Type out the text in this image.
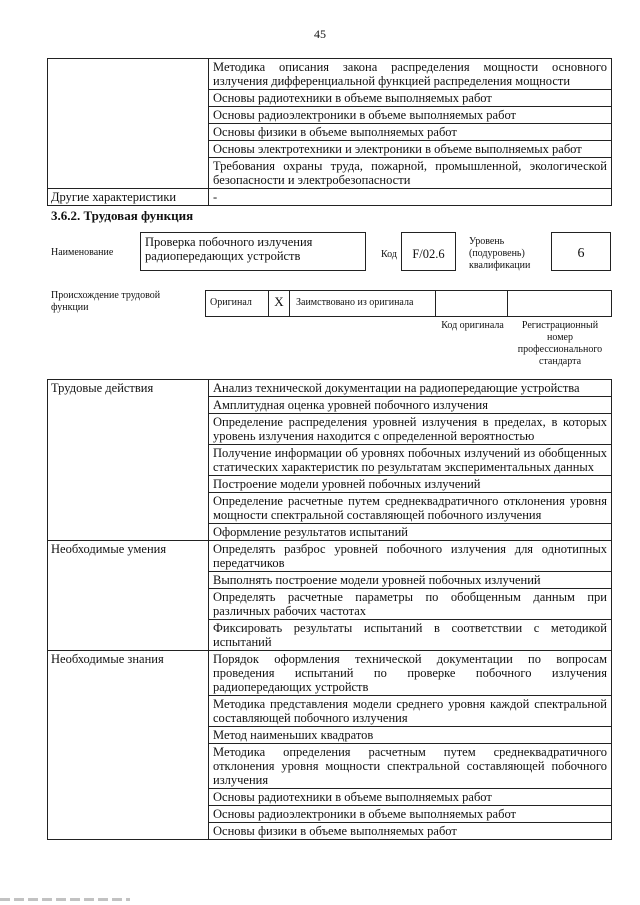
45
	Методика описания закона распределения мощности основного излучения дифференциальной функцией распределения мощности
	Основы радиотехники в объеме выполняемых работ
	Основы радиоэлектроники в объеме выполняемых работ
	Основы физики в объеме выполняемых работ
	Основы электротехники и электроники в объеме выполняемых работ
	Требования охраны труда, пожарной, промышленной, экологической безопасности и электробезопасности
Другие характеристики	-
3.6.2. Трудовая функция
Наименование
Проверка побочного излучения радиопередающих устройств	Код	F/02.6
Уровень (подуровень) квалификации
6
Происхождение трудовой функции	Оригинал	X	Заимствовано из оригинала
Код оригинала	Регистрационный номер профессионального стандарта
Трудовые действия	Анализ технической документации на радиопередающие устройства
	Амплитудная оценка уровней побочного излучения
	Определение распределения уровней излучения в пределах, в которых уровень излучения находится с определенной вероятностью
	Получение информации об уровнях побочных излучений из обобщенных статических характеристик по результатам экспериментальных данных
	Построение модели уровней побочных излучений
	Определение расчетные путем среднеквадратичного отклонения уровня мощности спектральной составляющей побочного излучения
	Оформление результатов испытаний
Необходимые умения	Определять разброс уровней побочного излучения для однотипных передатчиков
	Выполнять построение модели уровней побочных излучений
	Определять расчетные параметры по обобщенным данным при различных рабочих частотах
	Фиксировать результаты испытаний в соответствии с методикой испытаний
Необходимые знания	Порядок оформления технической документации по вопросам проведения испытаний по проверке побочного излучения радиопередающих устройств
	Методика представления модели среднего уровня каждой спектральной составляющей побочного излучения
	Метод наименьших квадратов
	Методика определения расчетным путем среднеквадратичного отклонения уровня мощности спектральной составляющей побочного излучения
	Основы радиотехники в объеме выполняемых работ
	Основы радиоэлектроники в объеме выполняемых работ
	Основы физики в объеме выполняемых работ
